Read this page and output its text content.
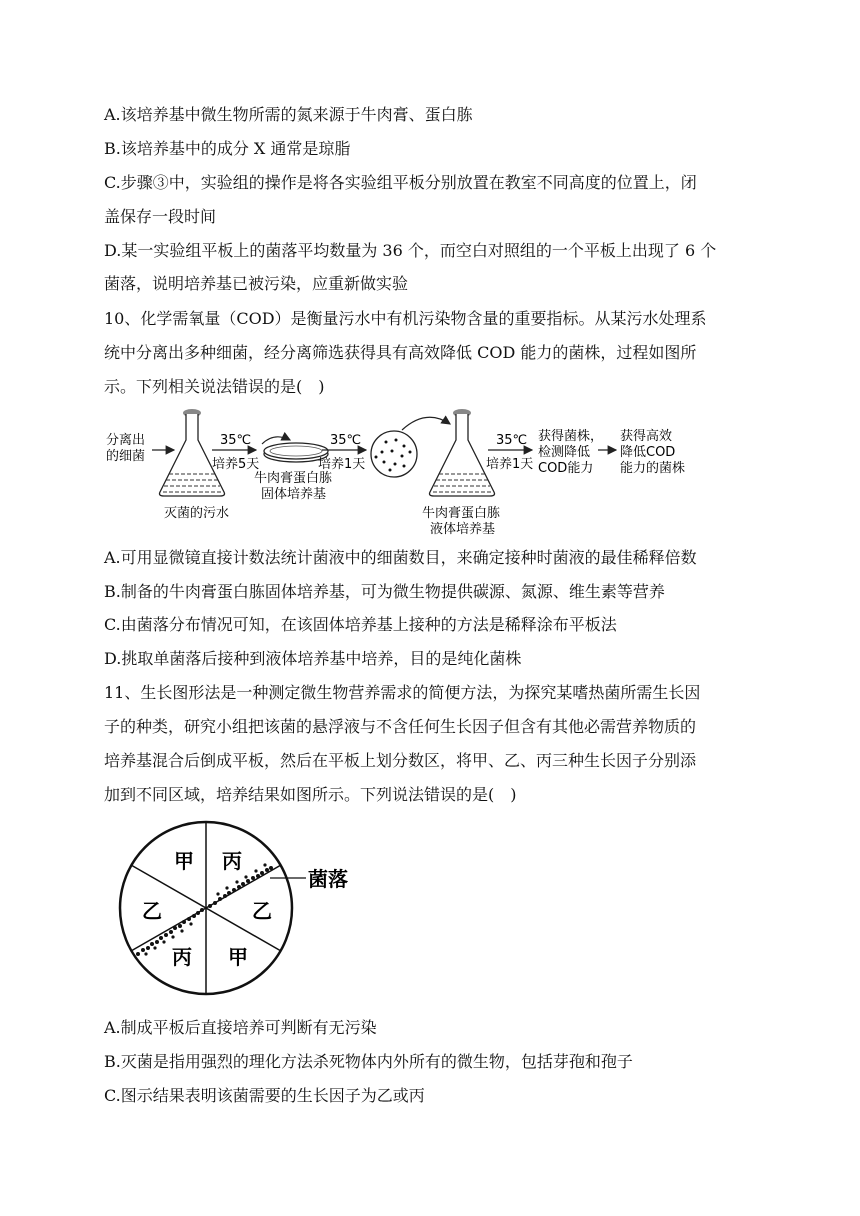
A.该培养基中微生物所需的氮来源于牛肉膏、蛋白胨
B.该培养基中的成分 X 通常是琼脂
C.步骤③中，实验组的操作是将各实验组平板分别放置在教室不同高度的位置上，闭
盖保存一段时间
D.某一实验组平板上的菌落平均数量为 36 个，而空白对照组的一个平板上出现了 6 个
菌落，说明培养基已被污染，应重新做实验
10、化学需氧量（COD）是衡量污水中有机污染物含量的重要指标。从某污水处理系
统中分离出多种细菌，经分离筛选获得具有高效降低 COD 能力的菌株，过程如图所
示。下列相关说法错误的是(　)
分离出
的细菌
灭菌的污水
35℃
培养5天
牛肉膏蛋白胨
固体培养基
35℃
培养1天
牛肉膏蛋白胨
液体培养基
35℃
培养1天
获得菌株，
检测降低
COD能力
获得高效
降低COD
能力的菌株
A.可用显微镜直接计数法统计菌液中的细菌数目，来确定接种时菌液的最佳稀释倍数
B.制备的牛肉膏蛋白胨固体培养基，可为微生物提供碳源、氮源、维生素等营养
C.由菌落分布情况可知，在该固体培养基上接种的方法是稀释涂布平板法
D.挑取单菌落后接种到液体培养基中培养，目的是纯化菌株
11、生长图形法是一种测定微生物营养需求的简便方法，为探究某嗜热菌所需生长因
子的种类，研究小组把该菌的悬浮液与不含任何生长因子但含有其他必需营养物质的
培养基混合后倒成平板，然后在平板上划分数区，将甲、乙、丙三种生长因子分别添
加到不同区域，培养结果如图所示。下列说法错误的是(　)
甲 丙
乙	乙
丙 甲
菌落
A.制成平板后直接培养可判断有无污染
B.灭菌是指用强烈的理化方法杀死物体内外所有的微生物，包括芽孢和孢子
C.图示结果表明该菌需要的生长因子为乙或丙
